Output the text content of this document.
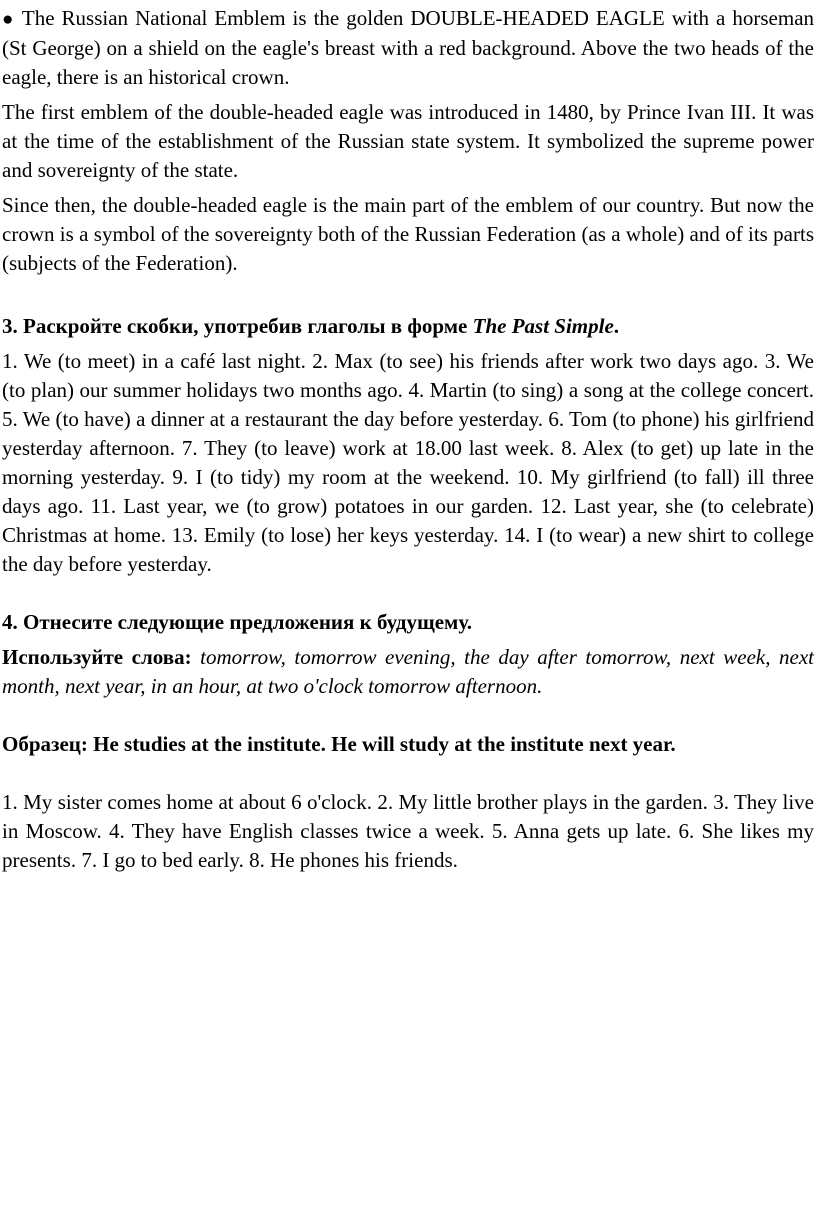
● The Russian National Emblem is the golden DOUBLE-HEADED EAGLE with a horseman (St George) on a shield on the eagle's breast with a red background. Above the two heads of the eagle, there is an historical crown.

The first emblem of the double-headed eagle was introduced in 1480, by Prince Ivan III. It was at the time of the establishment of the Russian state system. It symbolized the supreme power and sovereignty of the state.

Since then, the double-headed eagle is the main part of the emblem of our country. But now the crown is a symbol of the sovereignty both of the Russian Federation (as a whole) and of its parts (subjects of the Federation).

3. Раскройте скобки, употребив глаголы в форме The Past Simple.

1. We (to meet) in a café last night. 2. Max (to see) his friends after work two days ago. 3. We (to plan) our summer holidays two months ago. 4. Martin (to sing) a song at the college concert. 5. We (to have) a dinner at a restaurant the day before yesterday. 6. Tom (to phone) his girlfriend yesterday afternoon. 7. They (to leave) work at 18.00 last week. 8. Alex (to get) up late in the morning yesterday. 9. I (to tidy) my room at the weekend. 10. My girlfriend (to fall) ill three days ago. 11. Last year, we (to grow) potatoes in our garden. 12. Last year, she (to celebrate) Christmas at home. 13. Emily (to lose) her keys yesterday. 14. I (to wear) a new shirt to college the day before yesterday.

4. Отнесите следующие предложения к будущему.

Используйте слова: tomorrow, tomorrow evening, the day after tomorrow, next week, next month, next year, in an hour, at two o'clock tomorrow afternoon.

Образец: He studies at the institute. He will study at the institute next year.

1. My sister comes home at about 6 o'clock. 2. My little brother plays in the garden. 3. They live in Moscow. 4. They have English classes twice a week. 5. Anna gets up late. 6. She likes my presents. 7. I go to bed early. 8. He phones his friends.
